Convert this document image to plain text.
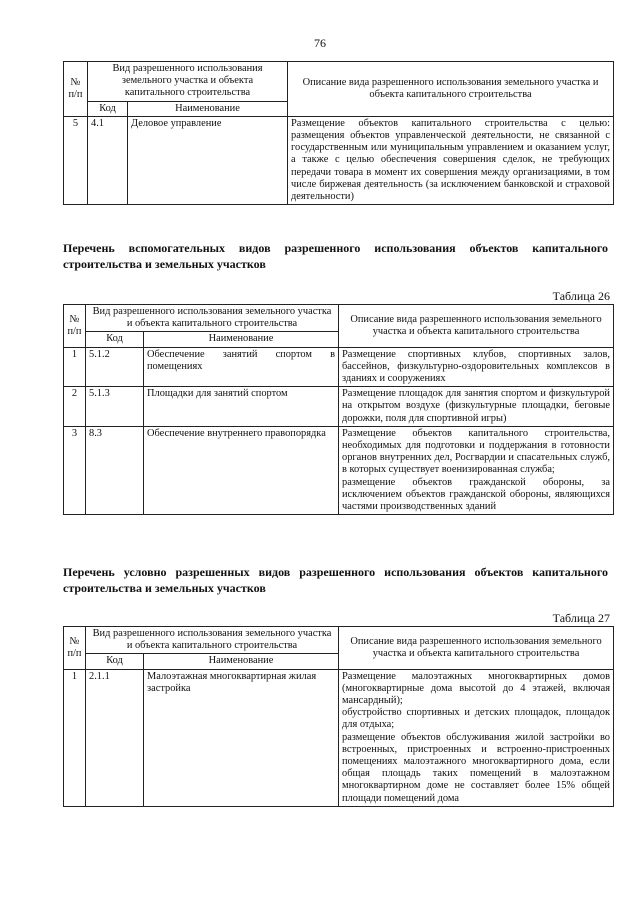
76
№
п/п	Вид разрешенного использования земельного участка и объекта капитального строительства		Описание вида разрешенного использования земельного участка и объекта капитального строительства
	Код	Наименование	
5	4.1	Деловое управление	Размещение объектов капитального строительства с целью: размещения объектов управленческой деятельности, не связанной с государственным или муниципальным управлением и оказанием услуг, а также с целью обеспечения совершения сделок, не требующих передачи товара в момент их совершения между организациями, в том числе биржевая деятельность (за исключением банковской и страховой деятельности)
Перечень вспомогательных видов разрешенного использования объектов капитального строительства и земельных участков
Таблица 26
№
п/п	Вид разрешенного использования земельного участка и объекта капитального строительства		Описание вида разрешенного использования земельного участка и объекта капитального строительства
	Код	Наименование	
1	5.1.2	Обеспечение занятий спортом в помещениях	Размещение спортивных клубов, спортивных залов, бассейнов, физкультурно-оздоровительных комплексов в зданиях и сооружениях
2	5.1.3	Площадки для занятий спортом	Размещение площадок для занятия спортом и физкультурой на открытом воздухе (физкультурные площадки, беговые дорожки, поля для спортивной игры)
3	8.3	Обеспечение внутреннего правопорядка	Размещение объектов капитального строительства, необходимых для подготовки и поддержания в готовности органов внутренних дел, Росгвардии и спасательных служб, в которых существует военизированная служба;
размещение объектов гражданской обороны, за исключением объектов гражданской обороны, являющихся частями производственных зданий
Перечень условно разрешенных видов разрешенного использования объектов капитального строительства и земельных участков
Таблица 27
№
п/п	Вид разрешенного использования земельного участка и объекта капитального строительства		Описание вида разрешенного использования земельного участка и объекта капитального строительства
	Код	Наименование	
1	2.1.1	Малоэтажная многоквартирная жилая застройка	Размещение малоэтажных многоквартирных домов (многоквартирные дома высотой до 4 этажей, включая мансардный);
обустройство спортивных и детских площадок, площадок для отдыха;
размещение объектов обслуживания жилой застройки во встроенных, пристроенных и встроенно-пристроенных помещениях малоэтажного многоквартирного дома, если общая площадь таких помещений в малоэтажном многоквартирном доме не составляет более 15% общей площади помещений дома
